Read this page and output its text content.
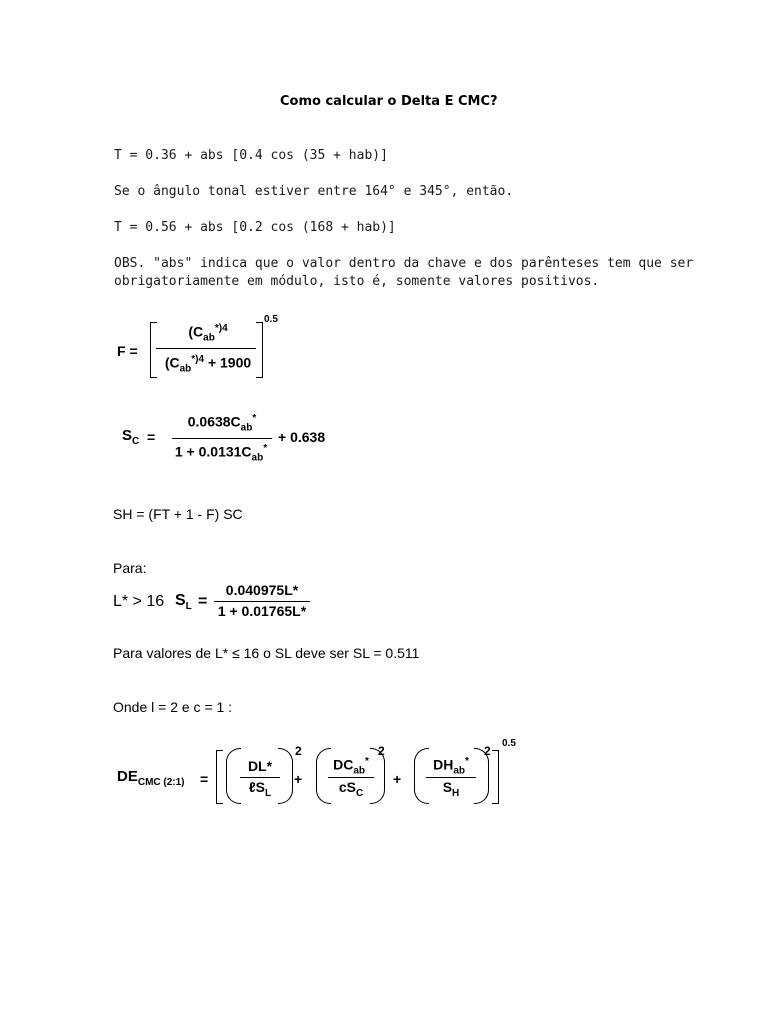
Como calcular o Delta E CMC?
T = 0.36 + abs [0.4 cos (35 + hab)]
Se o ângulo tonal estiver entre 164° e 345°, então.
T = 0.56 + abs [0.2 cos (168 + hab)]
OBS. "abs" indica que o valor dentro da chave e dos parênteses tem que ser
obrigatoriamente em módulo, isto é, somente valores positivos.
F =
($C_{ab}^{*)4}$
($C_{ab}^{*)4} + 1900$
0.5
$S_C$ =
$0.0638C_{ab}^*$
$1 + 0.0131C_{ab}^*$
+ 0.638
SH = (FT + 1 - F) SC
Para:
L* > 16 $S_L$ =
0.040975L*
1 + 0.01765L*
Para valores de L* ≤ 16 o SL deve ser SL = 0.511
Onde l = 2 e c = 1 :
$DE_{CMC (2:1)}$ =
DL*
ℓS$_L$
2
+
$DC_{ab}^*$
$cS_C$
2
+
$DH_{ab}^*$
$S_H$
2
0.5
